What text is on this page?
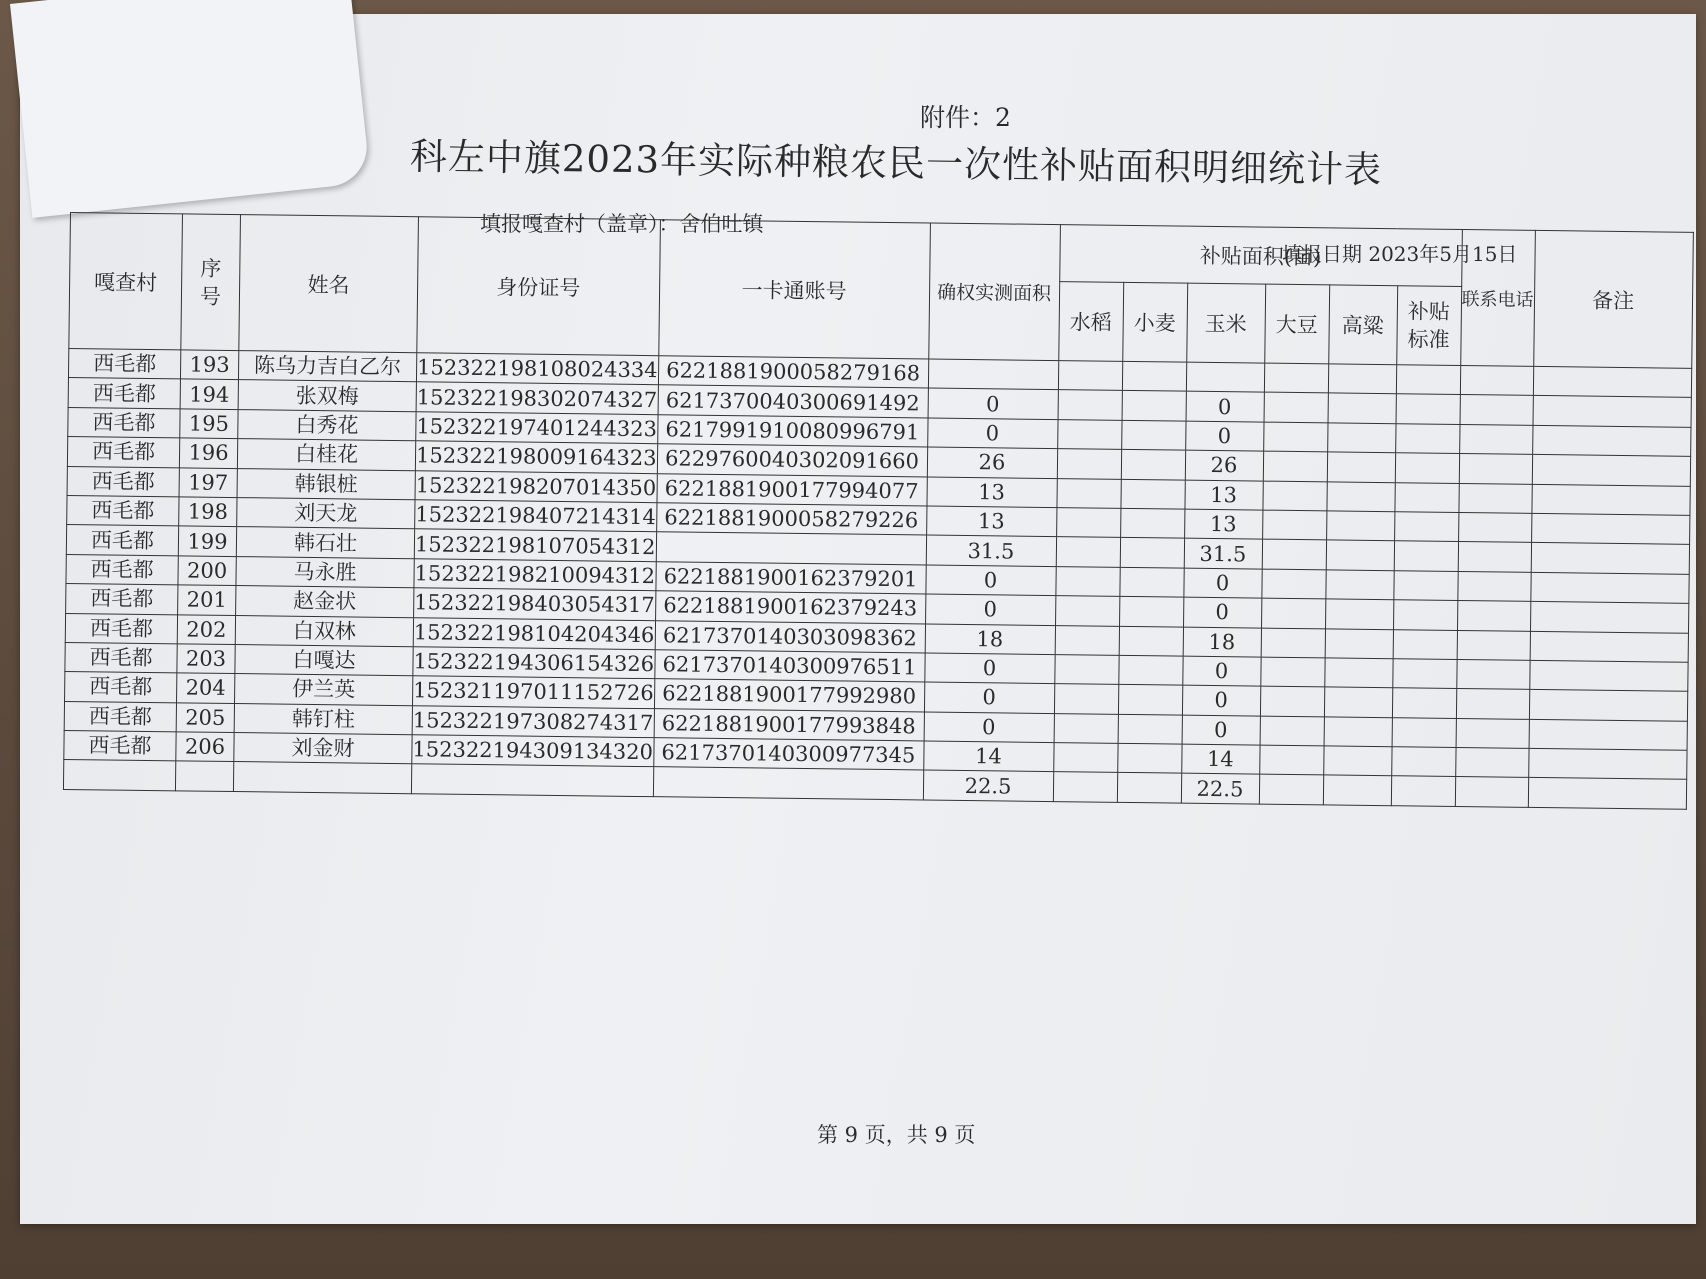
附件：2
科左中旗2023年实际种粮农民一次性补贴面积明细统计表
填报嘎查村（盖章）：舍伯吐镇
填报日期 2023年5月15日
嘎查村	序号	姓名	身份证号	一卡通账号	确权实测面积	补贴面积(亩)						联系电话	备注
						水稻	小麦	玉米	大豆	高粱	补贴标准		

西毛都	193	陈乌力吉白乙尔	152322198108024334	6221881900058279168									
西毛都	194	张双梅	152322198302074327	6217370040300691492	0			0					
西毛都	195	白秀花	152322197401244323	6217991910080996791	0			0					
西毛都	196	白桂花	152322198009164323	6229760040302091660	26			26					
西毛都	197	韩银桩	152322198207014350	6221881900177994077	13			13					
西毛都	198	刘天龙	152322198407214314	6221881900058279226	13			13					
西毛都	199	韩石壮	152322198107054312		31.5			31.5					
西毛都	200	马永胜	152322198210094312	6221881900162379201	0			0					
西毛都	201	赵金状	152322198403054317	6221881900162379243	0			0					
西毛都	202	白双林	152322198104204346	6217370140303098362	18			18					
西毛都	203	白嘎达	152322194306154326	6217370140300976511	0			0					
西毛都	204	伊兰英	152321197011152726	6221881900177992980	0			0					
西毛都	205	韩钉柱	152322197308274317	6221881900177993848	0			0					
西毛都	206	刘金财	152322194309134320	6217370140300977345	14			14					
					22.5			22.5					
第 9 页，共 9 页
